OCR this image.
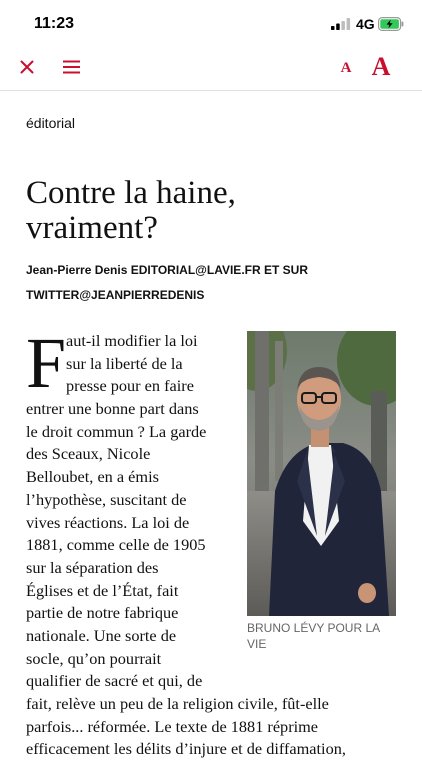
11:23	4G
A A
éditorial
Contre la haine,
vraiment?
Jean-Pierre Denis EDITORIAL@LAVIE.FR ET SUR
TWITTER@JEANPIERREDENIS
F aut-il modifier la loi
sur la liberté de la
presse pour en faire
entrer une bonne part dans
le droit commun ? La garde
des Sceaux, Nicole
Belloubet, en a émis
l’hypothèse, suscitant de
vives réactions. La loi de
1881, comme celle de 1905
sur la séparation des
Églises et de l’État, fait
partie de notre fabrique
nationale. Une sorte de
socle, qu’on pourrait
qualifier de sacré et qui, de
fait, relève un peu de la religion civile, fût-elle
parfois... réformée. Le texte de 1881 réprime
efficacement les délits d’injure et de diffamation,
BRUNO LÉVY POUR LA VIE
